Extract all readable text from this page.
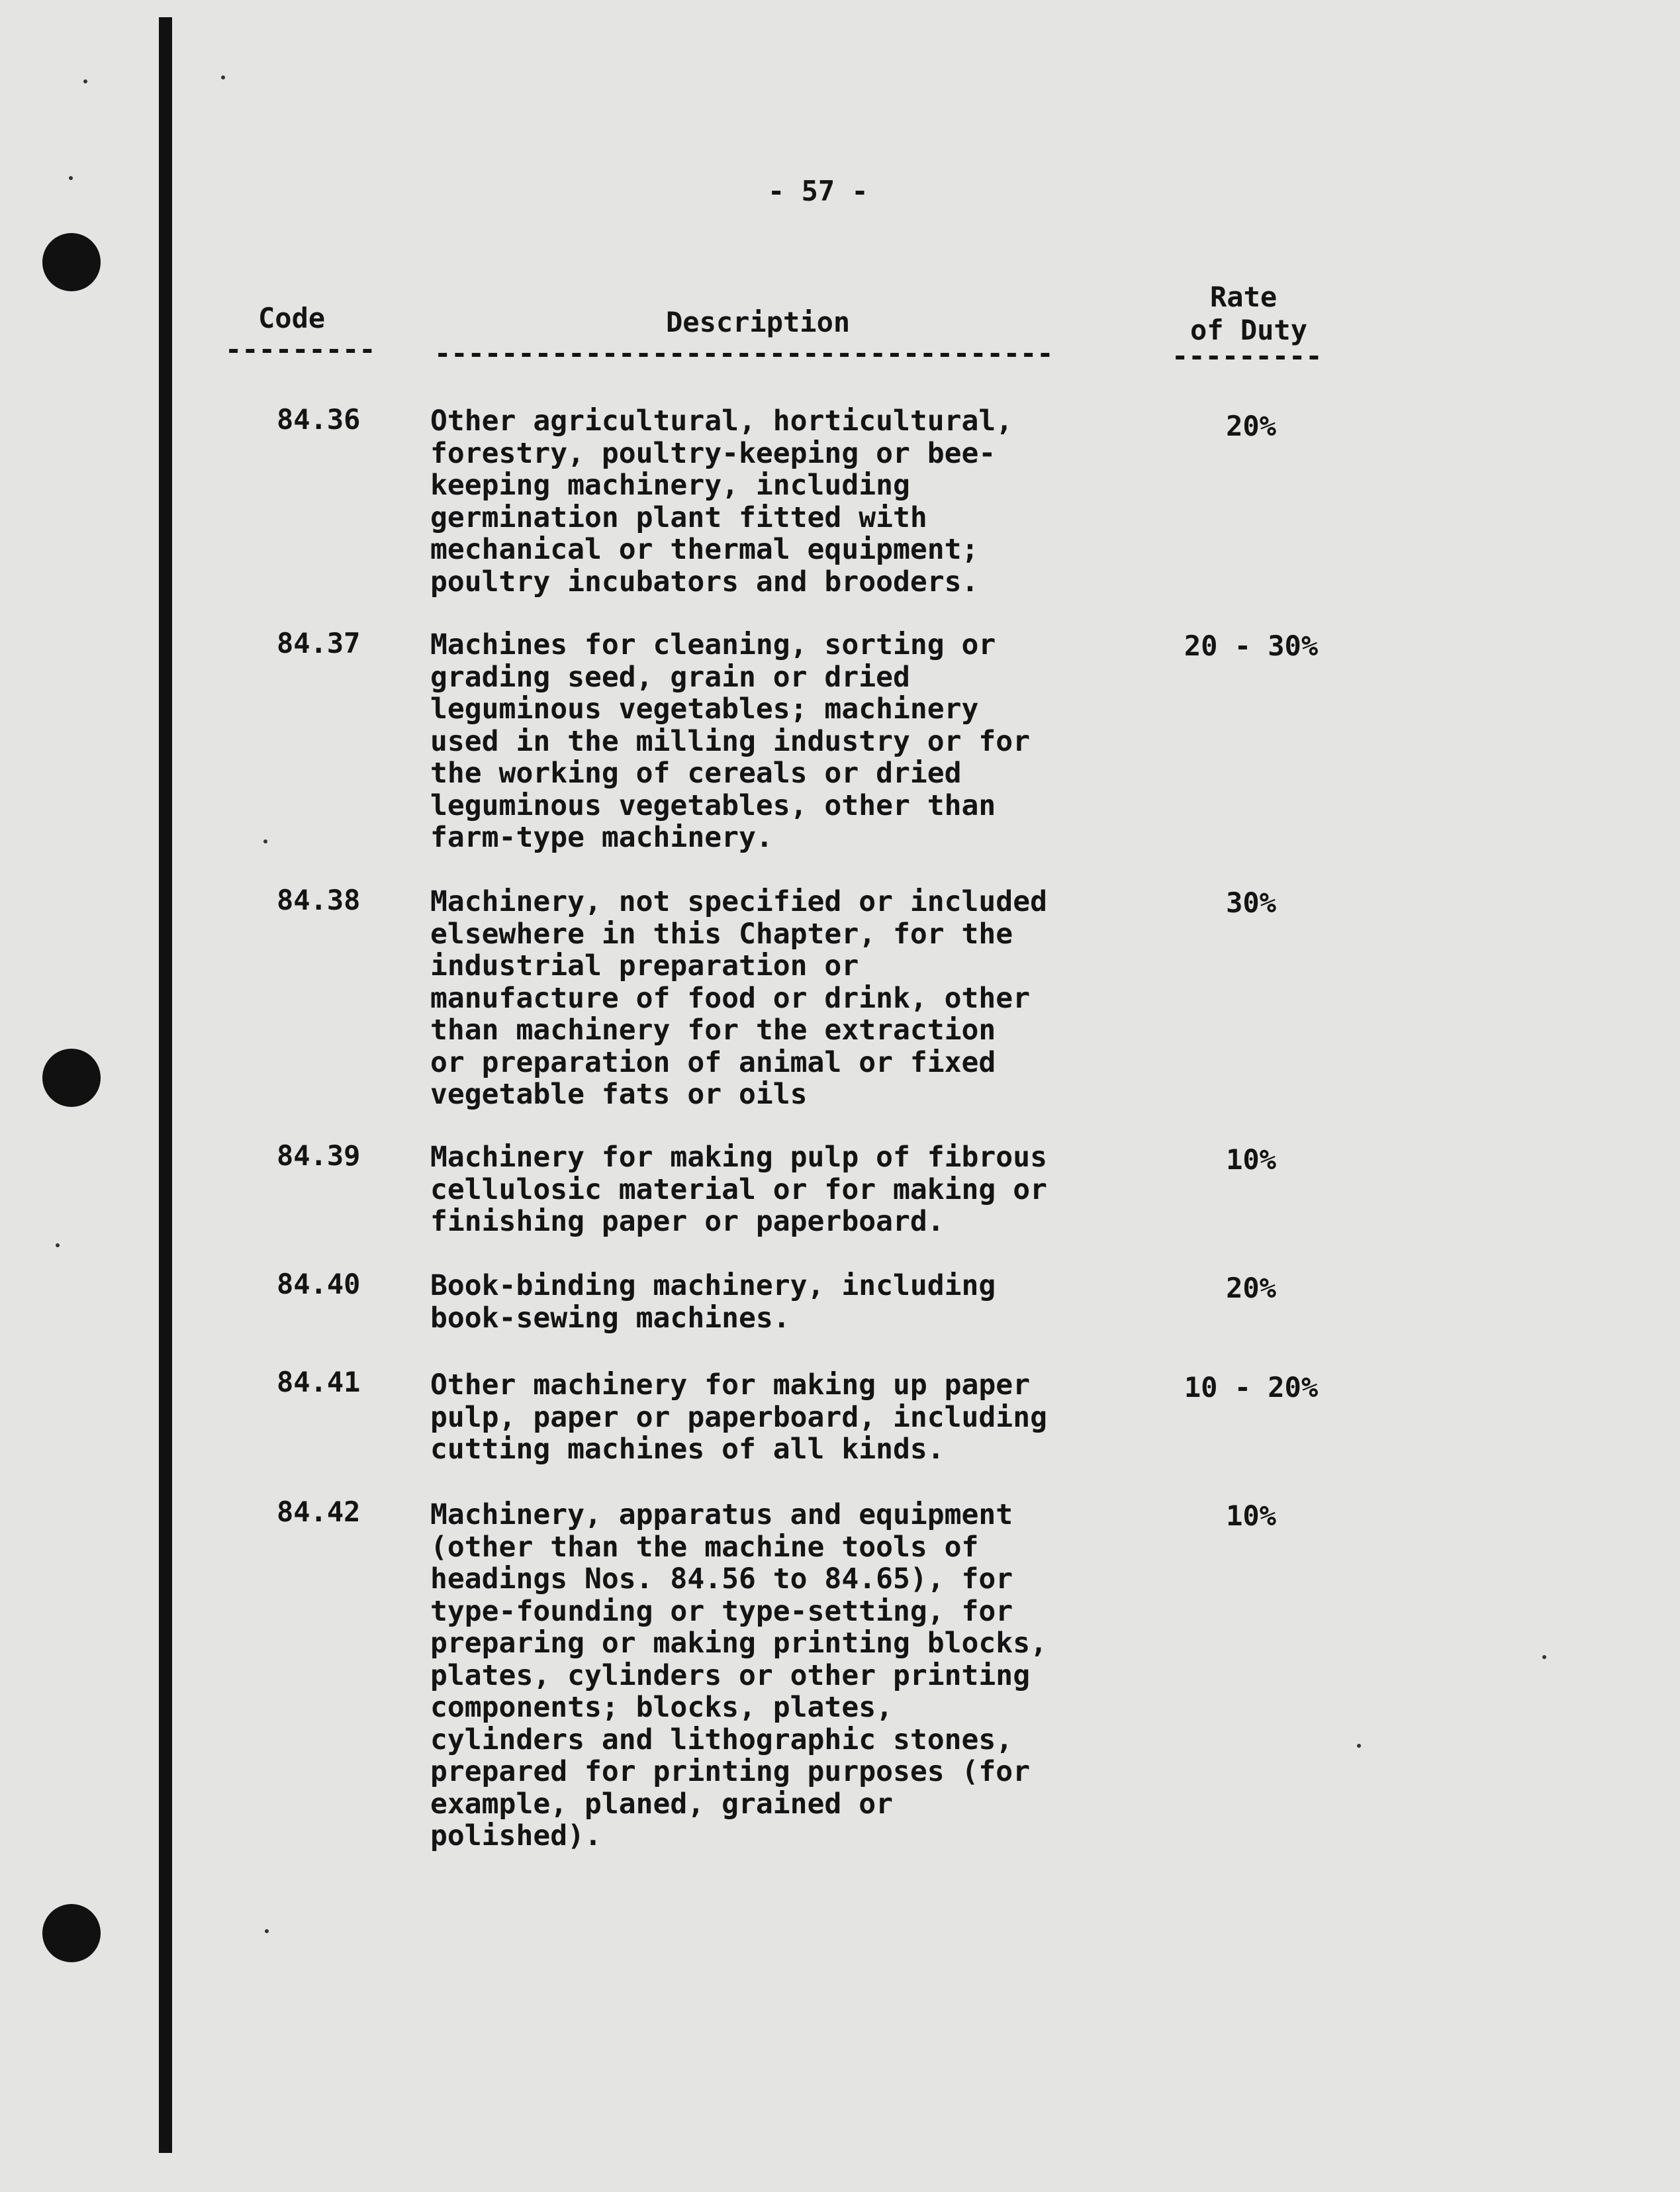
- 57 -
Code	Description
Rate
of Duty
---------	-------------------------------------	---------
84.36 Other agricultural, horticultural,
forestry, poultry-keeping or bee-
keeping machinery, including
germination plant fitted with
mechanical or thermal equipment;
poultry incubators and brooders.
20%
84.37 Machines for cleaning, sorting or
grading seed, grain or dried
leguminous vegetables; machinery
used in the milling industry or for
the working of cereals or dried
leguminous vegetables, other than
farm-type machinery.
20 - 30%
84.38 Machinery, not specified or included
elsewhere in this Chapter, for the
industrial preparation or
manufacture of food or drink, other
than machinery for the extraction
or preparation of animal or fixed
vegetable fats or oils
30%
84.39 Machinery for making pulp of fibrous
cellulosic material or for making or
finishing paper or paperboard.
10%
84.40 Book-binding machinery, including
book-sewing machines.
20%
84.41 Other machinery for making up paper
pulp, paper or paperboard, including
cutting machines of all kinds.
10 - 20%
84.42 Machinery, apparatus and equipment
(other than the machine tools of
headings Nos. 84.56 to 84.65), for
type-founding or type-setting, for
preparing or making printing blocks,
plates, cylinders or other printing
components; blocks, plates,
cylinders and lithographic stones,
prepared for printing purposes (for
example, planed, grained or
polished).
10%
